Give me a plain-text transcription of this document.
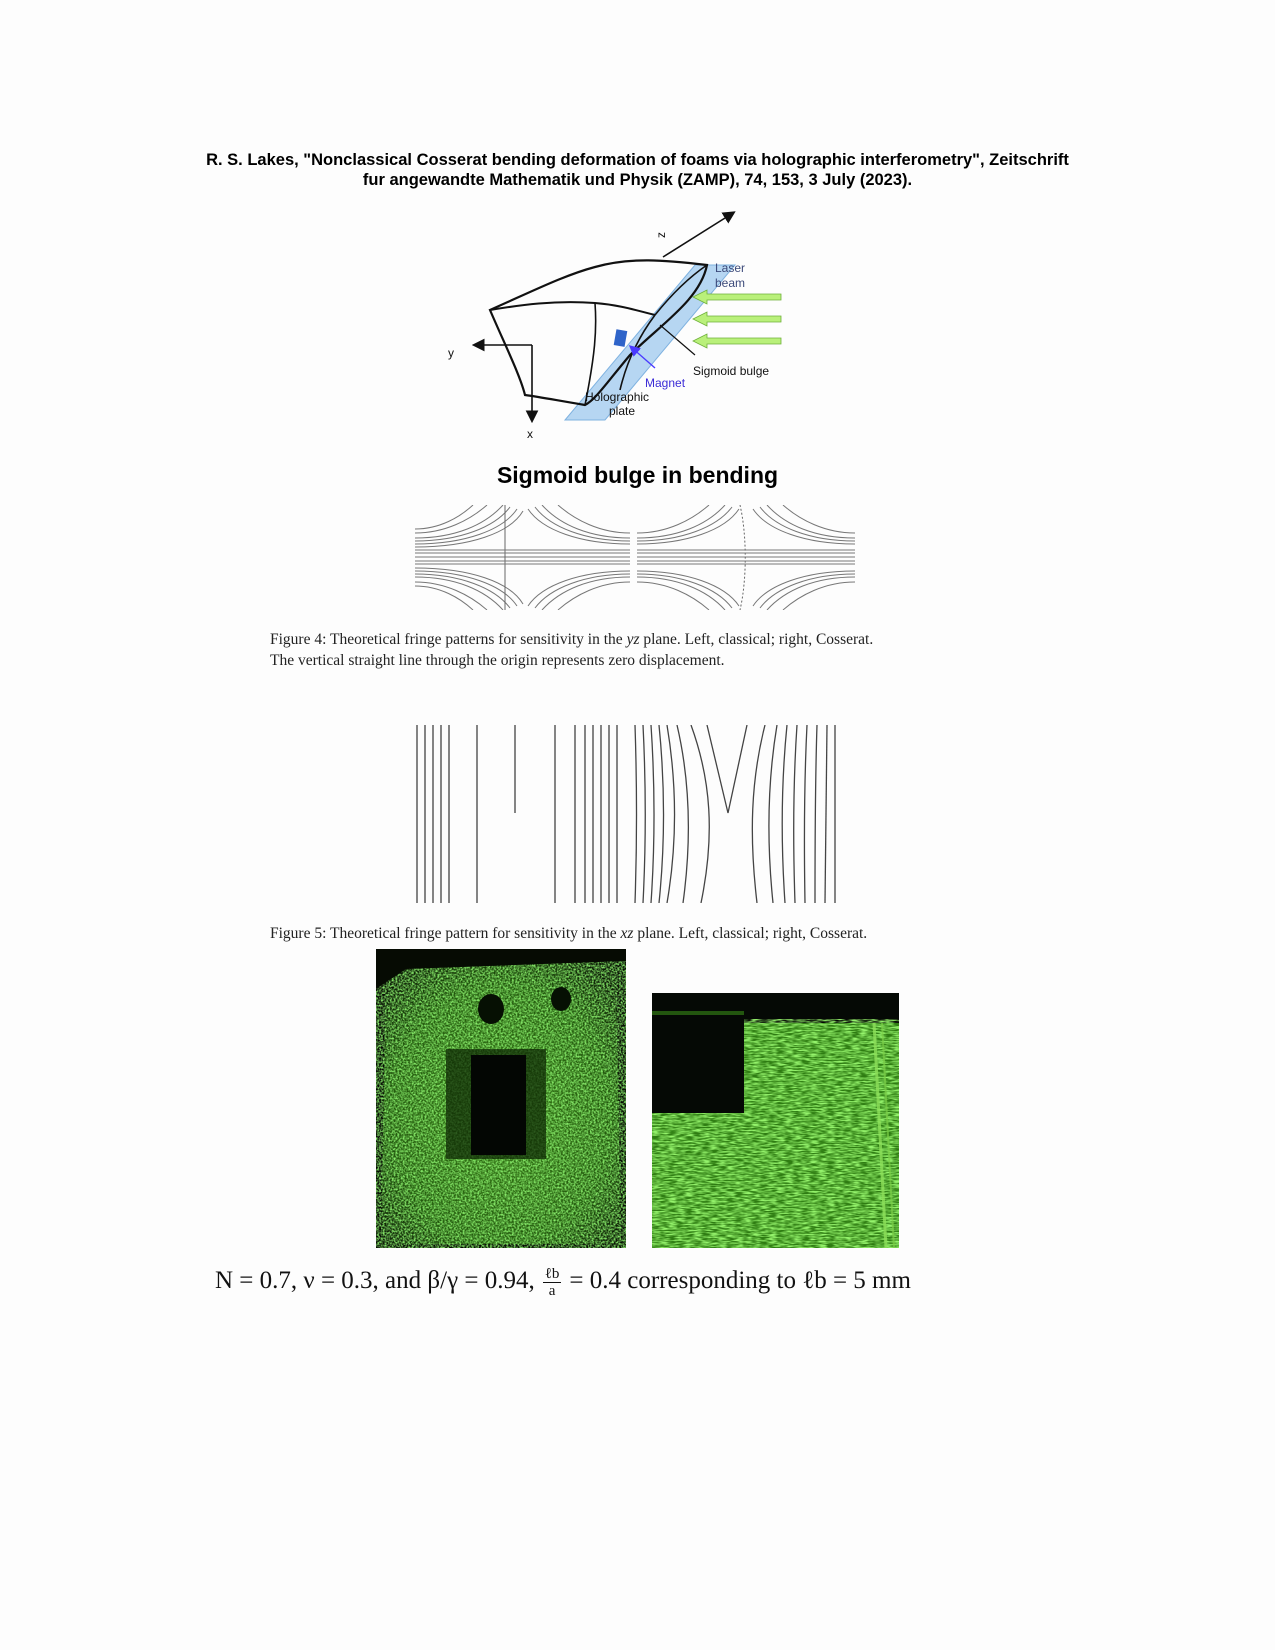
R. S. Lakes, "Nonclassical Cosserat bending deformation of foams via holographic interferometry", Zeitschrift
fur angewandte Mathematik und Physik (ZAMP), 74, 153, 3 July (2023).
z
y
x
Laser
beam
Sigmoid bulge
Magnet
Holographic
plate
Sigmoid bulge in bending
Figure 4: Theoretical fringe patterns for sensitivity in the yz plane. Left, classical; right, Cosserat.
The vertical straight line through the origin represents zero displacement.
Figure 5: Theoretical fringe pattern for sensitivity in the xz plane. Left, classical; right, Cosserat.
N = 0.7, ν = 0.3, and β/γ = 0.94, $\frac{\text{ℓb}}{a} = 0.4$ corresponding to ℓb = 5 mm
